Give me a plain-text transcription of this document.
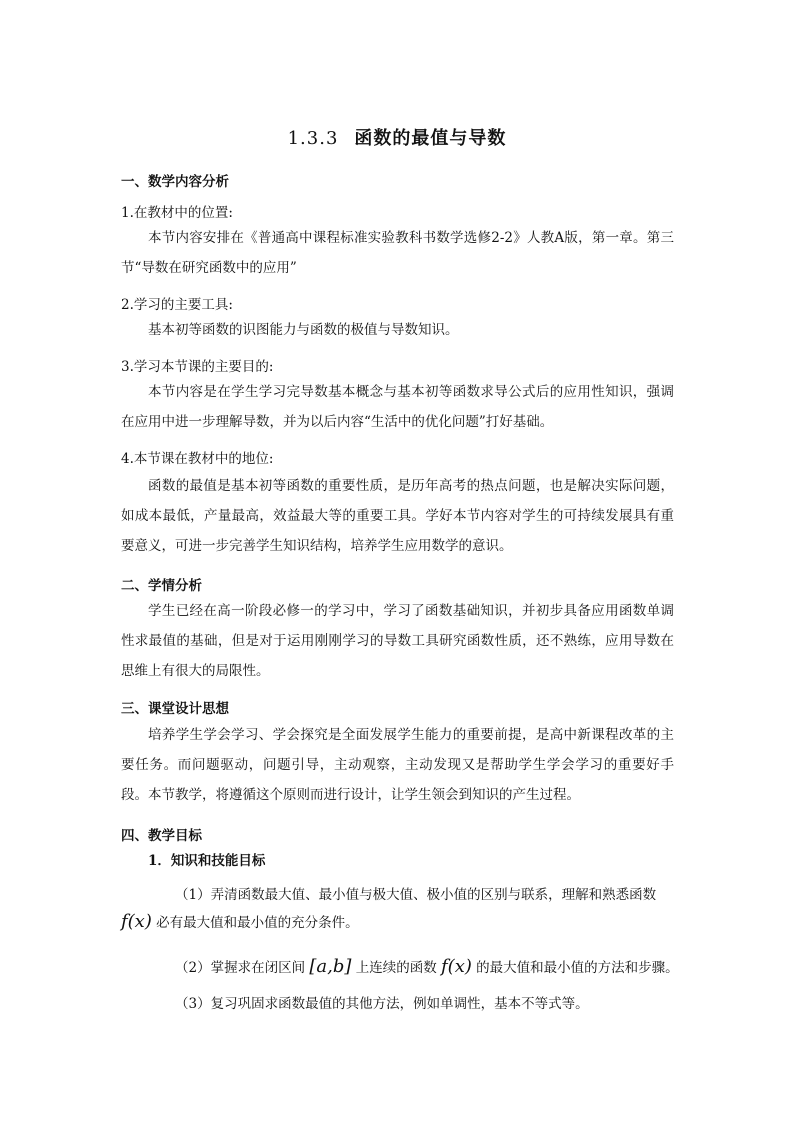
1.3.3 函数的最值与导数
一、数学内容分析
1.在教材中的位置:
本节内容安排在《普通高中课程标准实验教科书数学选修2-2》人教A版，第一章。第三节“导数在研究函数中的应用”
2.学习的主要工具:
基本初等函数的识图能力与函数的极值与导数知识。
3.学习本节课的主要目的:
本节内容是在学生学习完导数基本概念与基本初等函数求导公式后的应用性知识，强调在应用中进一步理解导数，并为以后内容“生活中的优化问题”打好基础。
4.本节课在教材中的地位:
函数的最值是基本初等函数的重要性质，是历年高考的热点问题，也是解决实际问题，如成本最低，产量最高，效益最大等的重要工具。学好本节内容对学生的可持续发展具有重要意义，可进一步完善学生知识结构，培养学生应用数学的意识。
二、学情分析
学生已经在高一阶段必修一的学习中，学习了函数基础知识，并初步具备应用函数单调性求最值的基础，但是对于运用刚刚学习的导数工具研究函数性质，还不熟练，应用导数在思维上有很大的局限性。
三、课堂设计思想
培养学生学会学习、学会探究是全面发展学生能力的重要前提，是高中新课程改革的主要任务。而问题驱动，问题引导，主动观察，主动发现又是帮助学生学会学习的重要好手段。本节教学，将遵循这个原则而进行设计，让学生领会到知识的产生过程。
四、教学目标
1．知识和技能目标
（1）弄清函数最大值、最小值与极大值、极小值的区别与联系，理解和熟悉函数
f(x) 必有最大值和最小值的充分条件。
（2）掌握求在闭区间 [a,b] 上连续的函数 f(x) 的最大值和最小值的方法和步骤。
（3）复习巩固求函数最值的其他方法，例如单调性，基本不等式等。
